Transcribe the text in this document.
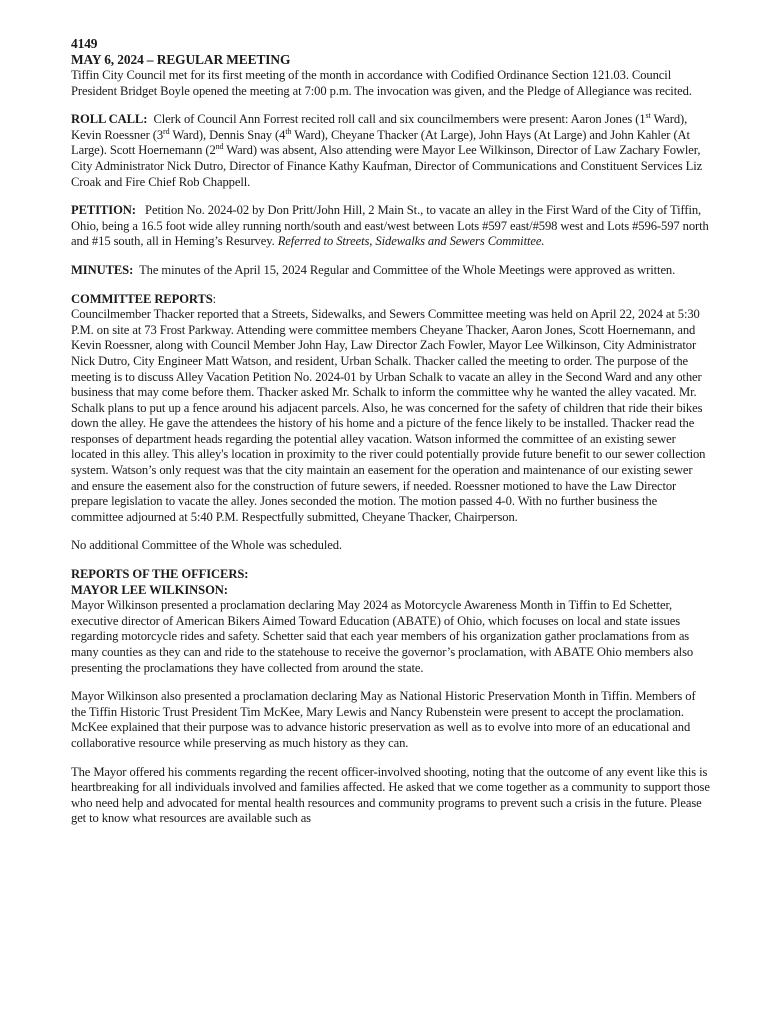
4149
MAY 6, 2024 – REGULAR MEETING

Tiffin City Council met for its first meeting of the month in accordance with Codified Ordinance Section 121.03. Council President Bridget Boyle opened the meeting at 7:00 p.m. The invocation was given, and the Pledge of Allegiance was recited.

ROLL CALL: Clerk of Council Ann Forrest recited roll call and six councilmembers were present: Aaron Jones (1st Ward), Kevin Roessner (3rd Ward), Dennis Snay (4th Ward), Cheyane Thacker (At Large), John Hays (At Large) and John Kahler (At Large). Scott Hoernemann (2nd Ward) was absent, Also attending were Mayor Lee Wilkinson, Director of Law Zachary Fowler, City Administrator Nick Dutro, Director of Finance Kathy Kaufman, Director of Communications and Constituent Services Liz Croak and Fire Chief Rob Chappell.

PETITION: Petition No. 2024-02 by Don Pritt/John Hill, 2 Main St., to vacate an alley in the First Ward of the City of Tiffin, Ohio, being a 16.5 foot wide alley running north/south and east/west between Lots #597 east/#598 west and Lots #596-597 north and #15 south, all in Heming’s Resurvey. Referred to Streets, Sidewalks and Sewers Committee.

MINUTES: The minutes of the April 15, 2024 Regular and Committee of the Whole Meetings were approved as written.

COMMITTEE REPORTS:

Councilmember Thacker reported that a Streets, Sidewalks, and Sewers Committee meeting was held on April 22, 2024 at 5:30 P.M. on site at 73 Frost Parkway. Attending were committee members Cheyane Thacker, Aaron Jones, Scott Hoernemann, and Kevin Roessner, along with Council Member John Hay, Law Director Zach Fowler, Mayor Lee Wilkinson, City Administrator Nick Dutro, City Engineer Matt Watson, and resident, Urban Schalk. Thacker called the meeting to order. The purpose of the meeting is to discuss Alley Vacation Petition No. 2024-01 by Urban Schalk to vacate an alley in the Second Ward and any other business that may come before them. Thacker asked Mr. Schalk to inform the committee why he wanted the alley vacated. Mr. Schalk plans to put up a fence around his adjacent parcels. Also, he was concerned for the safety of children that ride their bikes down the alley. He gave the attendees the history of his home and a picture of the fence likely to be installed. Thacker read the responses of department heads regarding the potential alley vacation. Watson informed the committee of an existing sewer located in this alley. This alley's location in proximity to the river could potentially provide future benefit to our sewer collection system. Watson’s only request was that the city maintain an easement for the operation and maintenance of our existing sewer and ensure the easement also for the construction of future sewers, if needed. Roessner motioned to have the Law Director prepare legislation to vacate the alley. Jones seconded the motion. The motion passed 4-0. With no further business the committee adjourned at 5:40 P.M. Respectfully submitted, Cheyane Thacker, Chairperson.

No additional Committee of the Whole was scheduled.

REPORTS OF THE OFFICERS:

MAYOR LEE WILKINSON:

Mayor Wilkinson presented a proclamation declaring May 2024 as Motorcycle Awareness Month in Tiffin to Ed Schetter, executive director of American Bikers Aimed Toward Education (ABATE) of Ohio, which focuses on local and state issues regarding motorcycle rides and safety. Schetter said that each year members of his organization gather proclamations from as many counties as they can and ride to the statehouse to receive the governor’s proclamation, with ABATE Ohio members also presenting the proclamations they have collected from around the state.

Mayor Wilkinson also presented a proclamation declaring May as National Historic Preservation Month in Tiffin. Members of the Tiffin Historic Trust President Tim McKee, Mary Lewis and Nancy Rubenstein were present to accept the proclamation. McKee explained that their purpose was to advance historic preservation as well as to evolve into more of an educational and collaborative resource while preserving as much history as they can.

The Mayor offered his comments regarding the recent officer-involved shooting, noting that the outcome of any event like this is heartbreaking for all individuals involved and families affected. He asked that we come together as a community to support those who need help and advocated for mental health resources and community programs to prevent such a crisis in the future. Please get to know what resources are available such as
